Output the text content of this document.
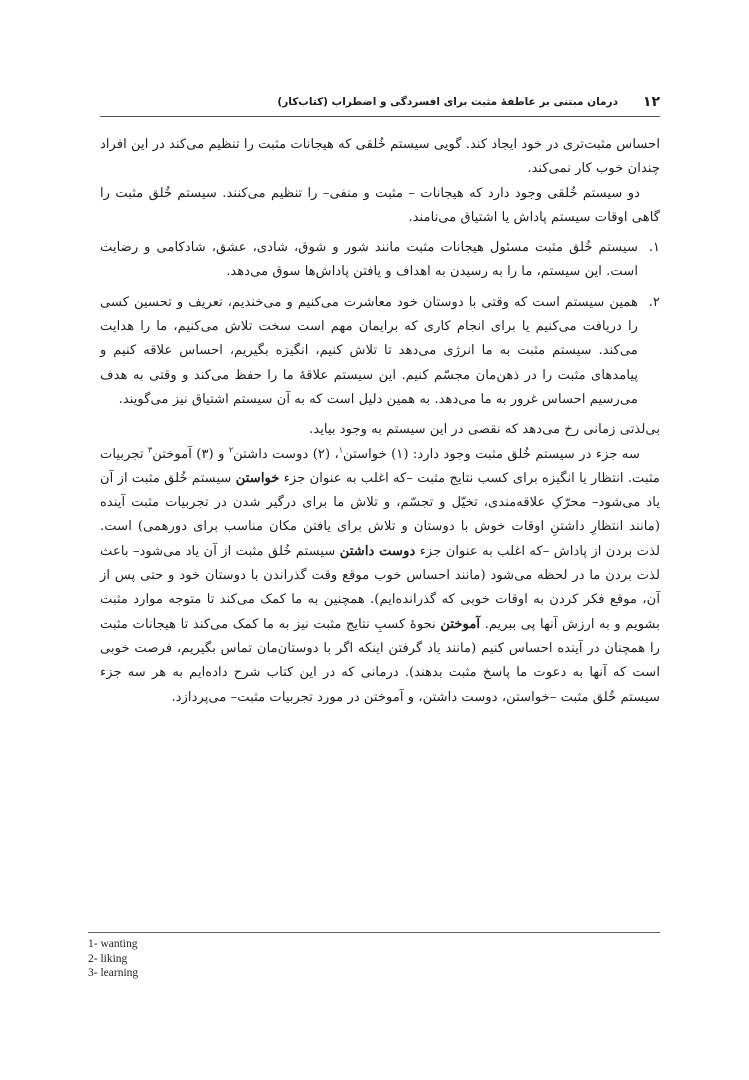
۱۲
درمان مبتنی بر عاطفهٔ مثبت برای افسردگی و اضطراب (کتاب‌کار)

احساس مثبت‌تری در خود ایجاد کند. گویی سیستم خُلقی که هیجانات مثبت را تنظیم می‌کند در این افراد چندان خوب کار نمی‌کند.

دو سیستم خُلقی وجود دارد که هیجانات – مثبت و منفی– را تنظیم می‌کنند. سیستم خُلق مثبت را گاهی اوقات سیستم پاداش یا اشتیاق می‌نامند.

۱.
سیستم خُلق مثبت مسئول هیجانات مثبت مانند شور و شوق، شادی، عشق، شادکامی و رضایت است. این سیستم، ما را به رسیدن به اهداف و یافتن پاداش‌ها سوق می‌دهد.
۲.
همین سیستم است که وقتی با دوستان خود معاشرت می‌کنیم و می‌خندیم، تعریف و تحسین کسی را دریافت می‌کنیم یا برای انجام کاری که برایمان مهم است سخت تلاش می‌کنیم، ما را هدایت می‌کند. سیستم مثبت به ما انرژی می‌دهد تا تلاش کنیم، انگیزه بگیریم، احساس علاقه کنیم و پیامدهای مثبت را در ذهن‌مان مجسّم کنیم. این سیستم علاقهٔ ما را حفظ می‌کند و وقتی به هدف می‌رسیم احساس غرور به ما می‌دهد. به همین دلیل است که به آن سیستم اشتیاق نیز می‌گویند.

بی‌لذتی زمانی رخ می‌دهد که نقصی در این سیستم به وجود بیاید.

سه جزء در سیستم خُلق مثبت وجود دارد: (۱) خواستن$^۱$، (۲) دوست داشتن$^۲$ و (۳) آموختن$^۳$ تجربیات مثبت. انتظار یا انگیزه برای کسب نتایج مثبت –که اغلب به عنوان جزء خواستن سیستم خُلق مثبت از آن یاد می‌شود– محرّکِ علاقه‌مندی، تخیّل و تجسّم، و تلاش ما برای درگیر شدن در تجربیات مثبت آینده (مانند انتظارِ داشتنِ اوقات خوش با دوستان و تلاش برای یافتن مکان مناسب برای دورهمی) است. لذت بردن از پاداش –که اغلب به عنوان جزء دوست داشتن سیستم خُلق مثبت از آن یاد می‌شود– باعث لذت بردن ما در لحظه می‌شود (مانند احساس خوب موقع وقت گذراندن با دوستان خود و حتی پس از آن، موقع فکر کردن به اوقات خوبی که گذرانده‌ایم). همچنین به ما کمک می‌کند تا متوجه موارد مثبت بشویم و به ارزش آنها پی ببریم. آموختن نحوهٔ کسبِ نتایج مثبت نیز به ما کمک می‌کند تا هیجانات مثبت را همچنان در آینده احساس کنیم (مانند یاد گرفتن اینکه اگر با دوستان‌مان تماس بگیریم، فرصت خوبی است که آنها به دعوت ما پاسخ مثبت بدهند). درمانی که در این کتاب شرح داده‌ایم به هر سه جزء سیستم خُلق مثبت –خواستن، دوست داشتن، و آموختن در مورد تجربیات مثبت– می‌پردازد.

1- wanting
2- liking
3- learning
